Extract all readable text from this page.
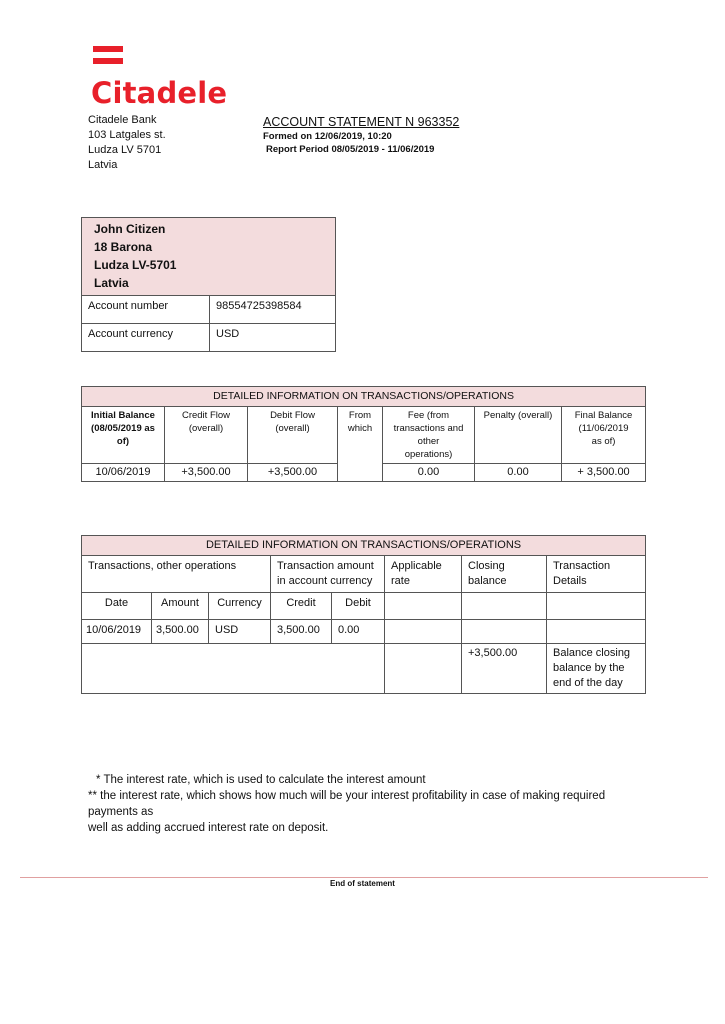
Citadele
Citadele Bank
103 Latgales st.
Ludza LV 5701
Latvia
ACCOUNT STATEMENT N 963352
Formed on 12/06/2019, 10:20
Report Period 08/05/2019 - 11/06/2019
John Citizen
18 Barona
Ludza LV-5701
Latvia	

Account number	98554725398584
Account currency	USD
DETAILED INFORMATION ON TRANSACTIONS/OPERATIONS						
Initial Balance (08/05/2019 as of)	Credit Flow (overall)	Debit Flow (overall)	From which	Fee (from transactions and other operations)	Penalty (overall)	Final Balance (11/06/2019 as of)
10/06/2019	+3,500.00	+3,500.00		0.00	0.00	+ 3,500.00
DETAILED INFORMATION ON TRANSACTIONS/OPERATIONS							
Transactions, other operations			Transaction amount in account currency		Applicable rate	Closing balance	Transaction Details
Date	Amount	Currency	Credit	Debit			
10/06/2019	3,500.00	USD	3,500.00	0.00			
						+3,500.00	Balance closing balance by the end of the day
* The interest rate, which is used to calculate the interest amount
** the interest rate, which shows how much will be your interest profitability in case of making required payments as
well as adding accrued interest rate on deposit.
End of statement
